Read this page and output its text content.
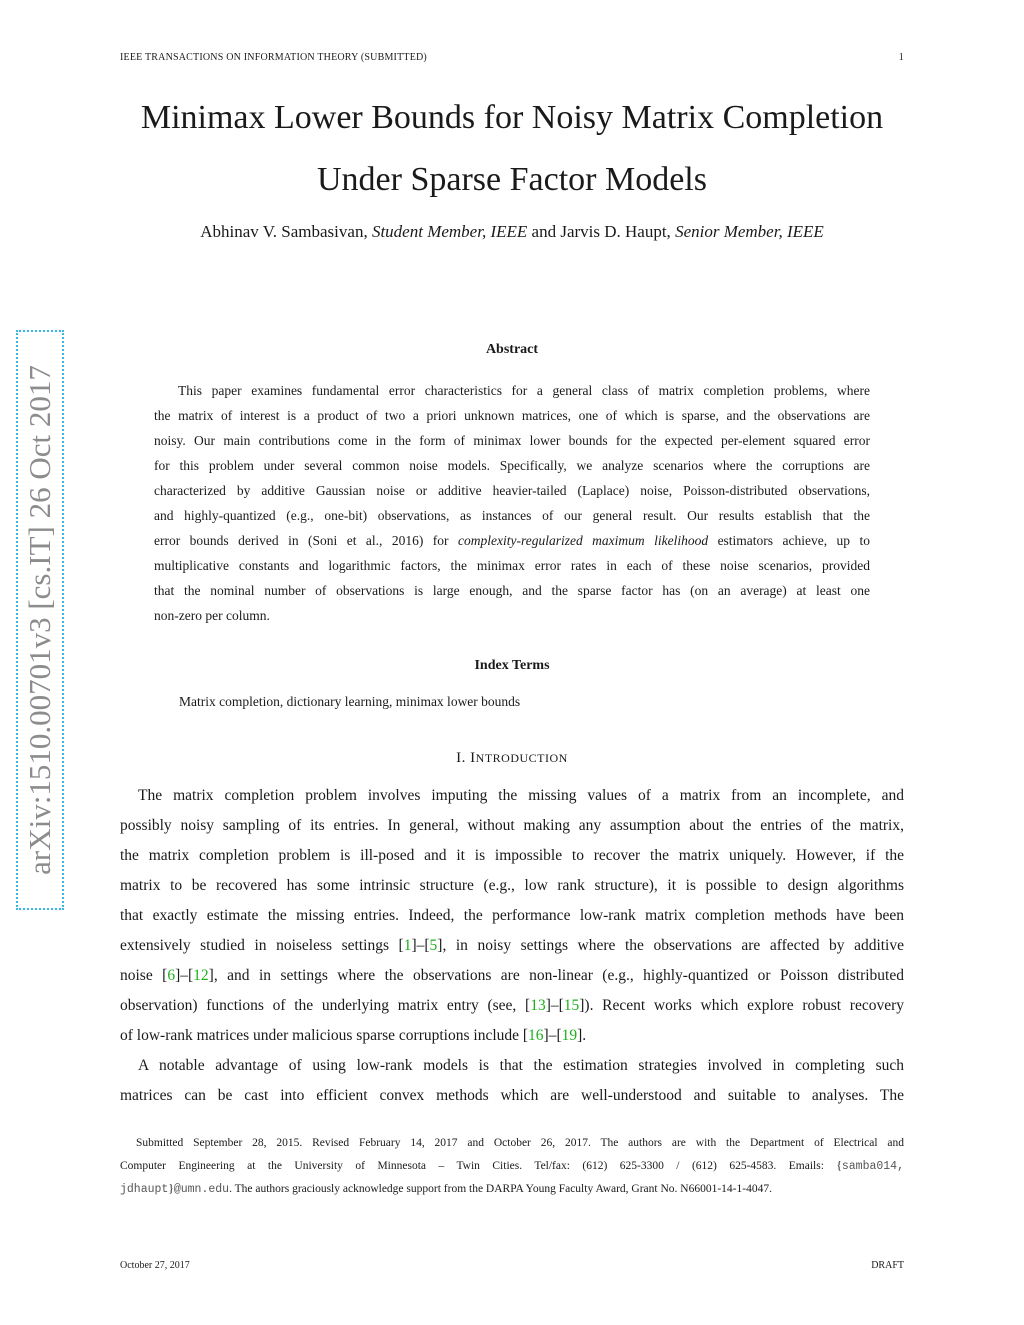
IEEE TRANSACTIONS ON INFORMATION THEORY (SUBMITTED)	1
Minimax Lower Bounds for Noisy Matrix Completion
Under Sparse Factor Models
Abhinav V. Sambasivan, Student Member, IEEE and Jarvis D. Haupt, Senior Member, IEEE
arXiv:1510.00701v3 [cs.IT] 26 Oct 2017
Abstract
This paper examines fundamental error characteristics for a general class of matrix completion problems, where
the matrix of interest is a product of two a priori unknown matrices, one of which is sparse, and the observations are
noisy. Our main contributions come in the form of minimax lower bounds for the expected per-element squared error
for this problem under several common noise models. Specifically, we analyze scenarios where the corruptions are
characterized by additive Gaussian noise or additive heavier-tailed (Laplace) noise, Poisson-distributed observations,
and highly-quantized (e.g., one-bit) observations, as instances of our general result. Our results establish that the
error bounds derived in (Soni et al., 2016) for complexity-regularized maximum likelihood estimators achieve, up to
multiplicative constants and logarithmic factors, the minimax error rates in each of these noise scenarios, provided
that the nominal number of observations is large enough, and the sparse factor has (on an average) at least one
non-zero per column.
Index Terms
Matrix completion, dictionary learning, minimax lower bounds
I. INTRODUCTION
The matrix completion problem involves imputing the missing values of a matrix from an incomplete, and
possibly noisy sampling of its entries. In general, without making any assumption about the entries of the matrix,
the matrix completion problem is ill-posed and it is impossible to recover the matrix uniquely. However, if the
matrix to be recovered has some intrinsic structure (e.g., low rank structure), it is possible to design algorithms
that exactly estimate the missing entries. Indeed, the performance low-rank matrix completion methods have been
extensively studied in noiseless settings [1]–[5], in noisy settings where the observations are affected by additive
noise [6]–[12], and in settings where the observations are non-linear (e.g., highly-quantized or Poisson distributed
observation) functions of the underlying matrix entry (see, [13]–[15]). Recent works which explore robust recovery
of low-rank matrices under malicious sparse corruptions include [16]–[19].
A notable advantage of using low-rank models is that the estimation strategies involved in completing such
matrices can be cast into efficient convex methods which are well-understood and suitable to analyses. The
Submitted September 28, 2015. Revised February 14, 2017 and October 26, 2017. The authors are with the Department of Electrical and
Computer Engineering at the University of Minnesota – Twin Cities. Tel/fax: (612) 625-3300 / (612) 625-4583. Emails: {samba014,
jdhaupt}@umn.edu. The authors graciously acknowledge support from the DARPA Young Faculty Award, Grant No. N66001-14-1-4047.
October 27, 2017	DRAFT
